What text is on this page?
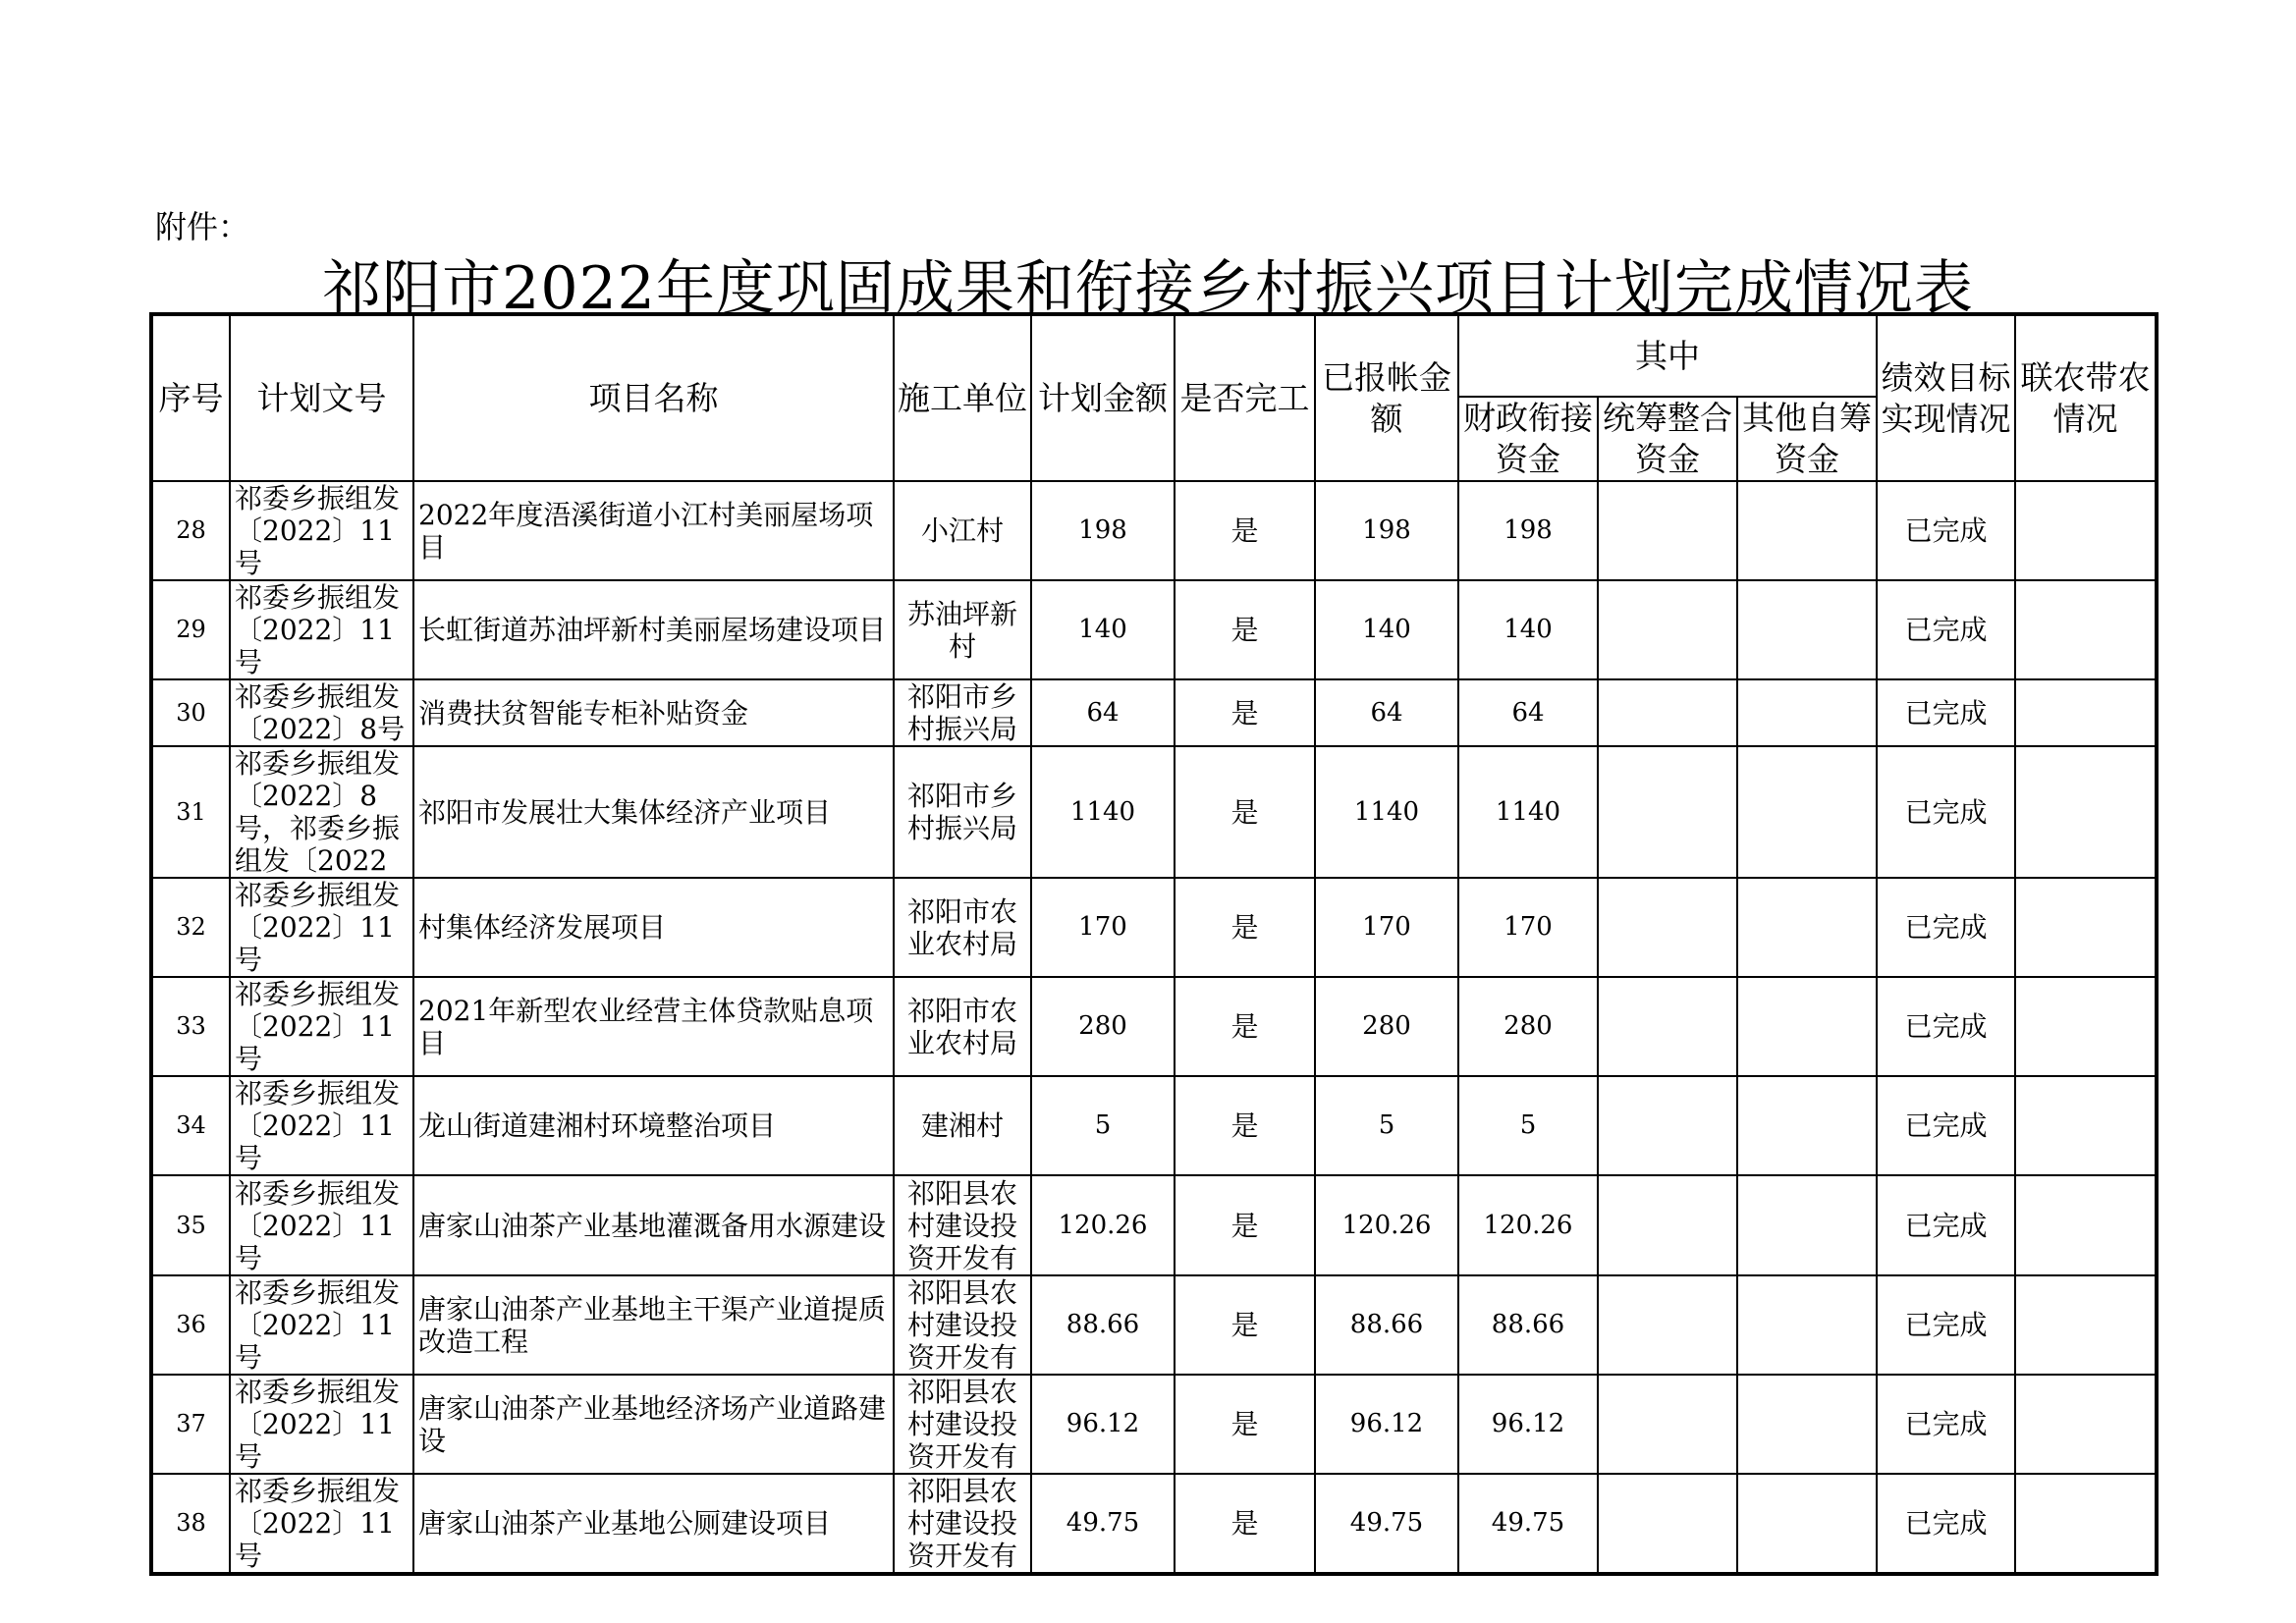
附件：
祁阳市2022年度巩固成果和衔接乡村振兴项目计划完成情况表
序号	计划文号	项目名称	施工单位	计划金额	是否完工	已报帐金额	其中			绩效目标实现情况	联农带农情况
							财政衔接资金	统筹整合资金	其他自筹资金		
28	祁委乡振组发〔2022〕11号	2022年度浯溪街道小江村美丽屋场项目	小江村	198	是	198	198			已完成	
29	祁委乡振组发〔2022〕11号	长虹街道苏油坪新村美丽屋场建设项目	苏油坪新村	140	是	140	140			已完成	
30	祁委乡振组发〔2022〕8号	消费扶贫智能专柜补贴资金	祁阳市乡村振兴局	64	是	64	64			已完成	
31	祁委乡振组发〔2022〕8号，祁委乡振组发〔2022	祁阳市发展壮大集体经济产业项目	祁阳市乡村振兴局	1140	是	1140	1140			已完成	
32	祁委乡振组发〔2022〕11号	村集体经济发展项目	祁阳市农业农村局	170	是	170	170			已完成	
33	祁委乡振组发〔2022〕11号	2021年新型农业经营主体贷款贴息项目	祁阳市农业农村局	280	是	280	280			已完成	
34	祁委乡振组发〔2022〕11号	龙山街道建湘村环境整治项目	建湘村	5	是	5	5			已完成	
35	祁委乡振组发〔2022〕11号	唐家山油茶产业基地灌溉备用水源建设	祁阳县农村建设投资开发有	120.26	是	120.26	120.26			已完成	
36	祁委乡振组发〔2022〕11号	唐家山油茶产业基地主干渠产业道提质改造工程	祁阳县农村建设投资开发有	88.66	是	88.66	88.66			已完成	
37	祁委乡振组发〔2022〕11号	唐家山油茶产业基地经济场产业道路建设	祁阳县农村建设投资开发有	96.12	是	96.12	96.12			已完成	
38	祁委乡振组发〔2022〕11号	唐家山油茶产业基地公厕建设项目	祁阳县农村建设投资开发有	49.75	是	49.75	49.75			已完成	
